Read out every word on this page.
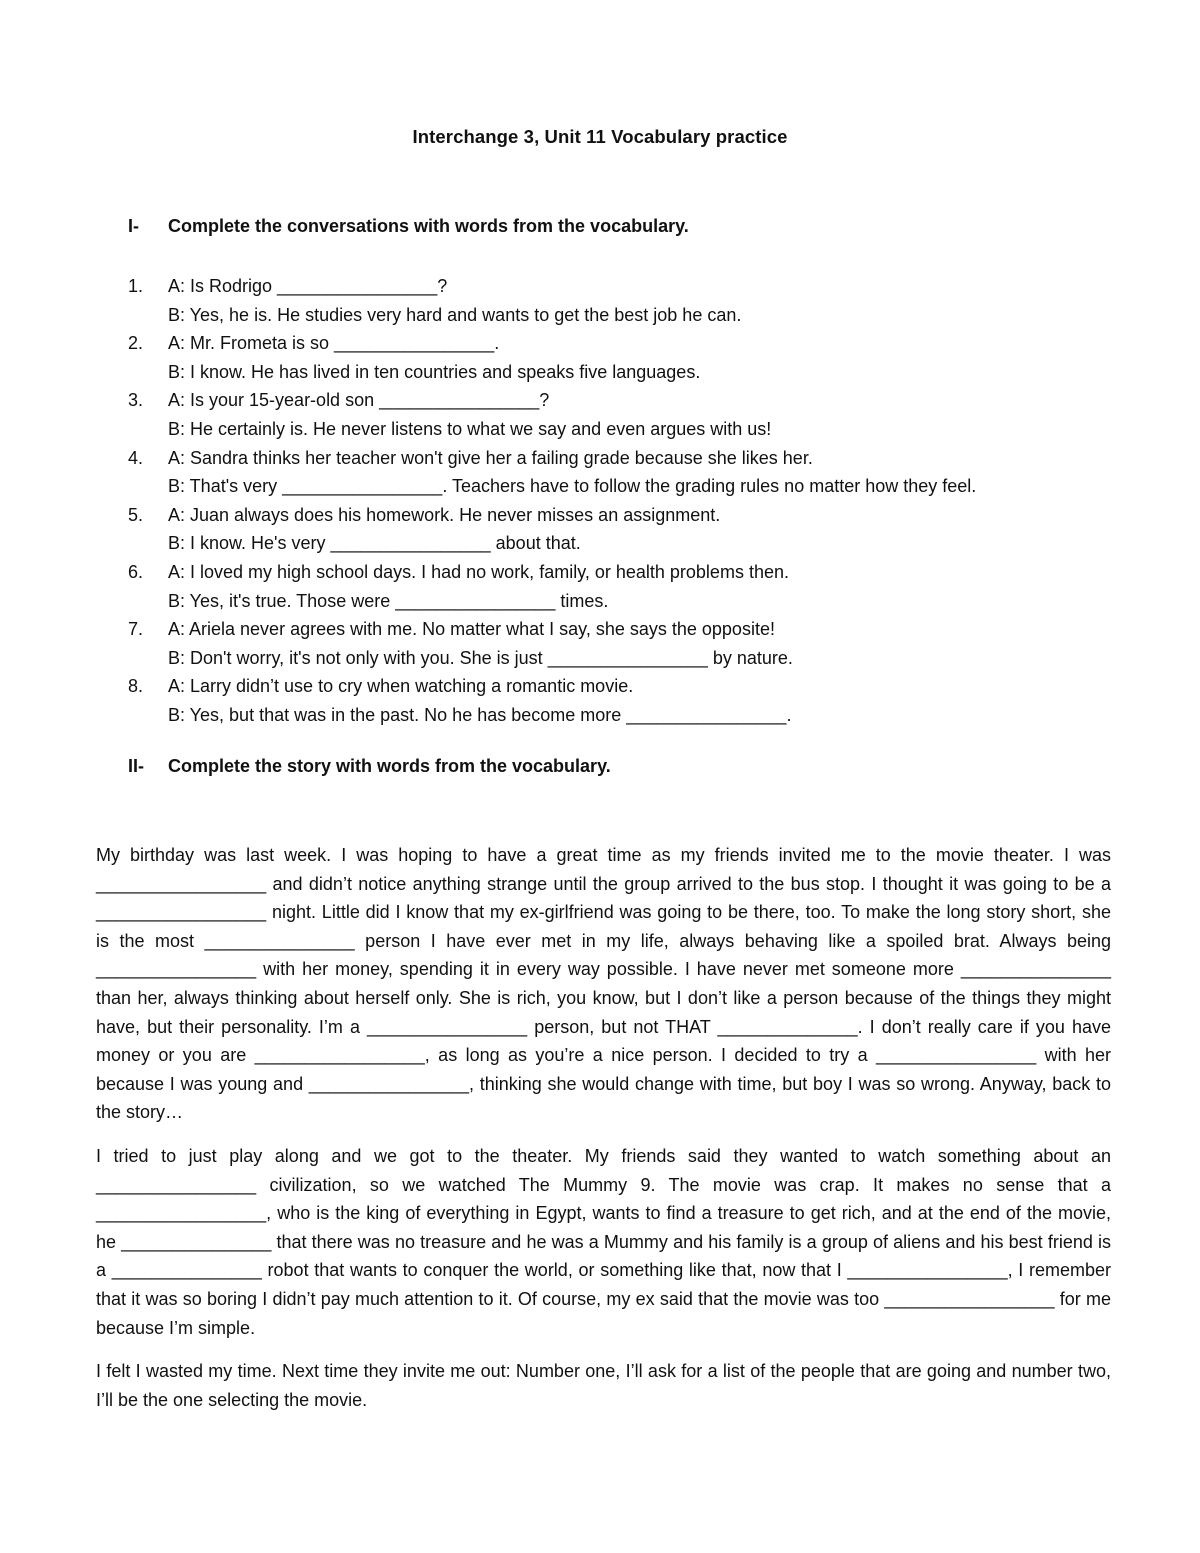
Interchange 3, Unit 11 Vocabulary practice
I- Complete the conversations with words from the vocabulary.
1. A: Is Rodrigo ________________?
B: Yes, he is. He studies very hard and wants to get the best job he can.
2. A: Mr. Frometa is so ________________.
B: I know. He has lived in ten countries and speaks five languages.
3. A: Is your 15-year-old son ________________?
B: He certainly is. He never listens to what we say and even argues with us!
4. A: Sandra thinks her teacher won't give her a failing grade because she likes her.
B: That's very ________________. Teachers have to follow the grading rules no matter how they feel.
5. A: Juan always does his homework. He never misses an assignment.
B: I know. He's very ________________ about that.
6. A: I loved my high school days. I had no work, family, or health problems then.
B: Yes, it's true. Those were ________________ times.
7. A: Ariela never agrees with me. No matter what I say, she says the opposite!
B: Don't worry, it's not only with you. She is just ________________ by nature.
8. A: Larry didn’t use to cry when watching a romantic movie.
B: Yes, but that was in the past. No he has become more ________________.
II- Complete the story with words from the vocabulary.

My birthday was last week. I was hoping to have a great time as my friends invited me to the movie theater. I was _________________ and didn’t notice anything strange until the group arrived to the bus stop. I thought it was going to be a _________________ night. Little did I know that my ex-girlfriend was going to be there, too. To make the long story short, she is the most _______________ person I have ever met in my life, always behaving like a spoiled brat. Always being ________________ with her money, spending it in every way possible. I have never met someone more _______________ than her, always thinking about herself only. She is rich, you know, but I don’t like a person because of the things they might have, but their personality. I’m a ________________ person, but not THAT ______________. I don’t really care if you have money or you are _________________, as long as you’re a nice person. I decided to try a ________________ with her because I was young and ________________, thinking she would change with time, but boy I was so wrong. Anyway, back to the story…

I tried to just play along and we got to the theater. My friends said they wanted to watch something about an ________________ civilization, so we watched The Mummy 9. The movie was crap. It makes no sense that a _________________, who is the king of everything in Egypt, wants to find a treasure to get rich, and at the end of the movie, he _______________ that there was no treasure and he was a Mummy and his family is a group of aliens and his best friend is a _______________ robot that wants to conquer the world, or something like that, now that I ________________, I remember that it was so boring I didn’t pay much attention to it. Of course, my ex said that the movie was too _________________ for me because I’m simple.

I felt I wasted my time. Next time they invite me out: Number one, I’ll ask for a list of the people that are going and number two, I’ll be the one selecting the movie.
